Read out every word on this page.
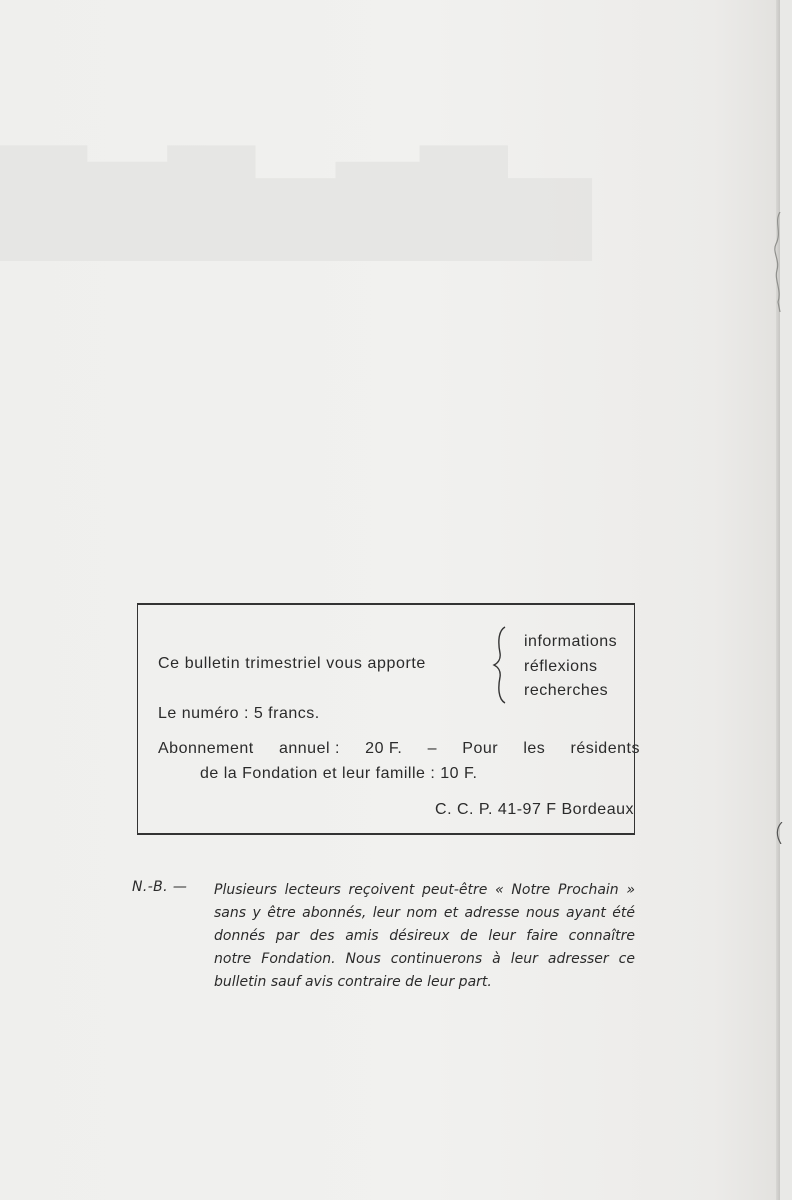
▇▆▇▅▆▇▅
Ce bulletin trimestriel vous apporte
informations
réflexions
recherches
Le numéro : 5 francs.
Abonnement annuel : 20 F. – Pour les résidents
de la Fondation et leur famille : 10 F.
C. C. P. 41-97 F Bordeaux
N.-B. — Plusieurs lecteurs reçoivent peut-être « Notre Prochain »
sans y être abonnés, leur nom et adresse nous ayant été
donnés par des amis désireux de leur faire connaître
notre Fondation. Nous continuerons à leur adresser ce
bulletin sauf avis contraire de leur part.
